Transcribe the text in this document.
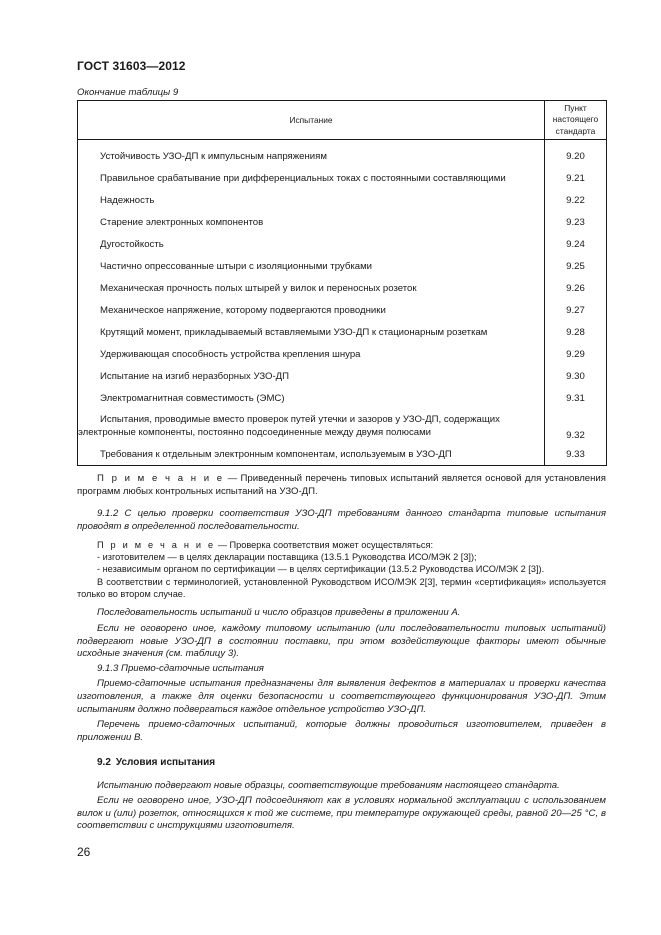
ГОСТ 31603—2012
Окончание таблицы 9
Испытание	Пункт
настоящего
стандарта

Устойчивость УЗО-ДП к импульсным напряжениям	9.20
Правильное срабатывание при дифференциальных токах с постоянными составляющими	9.21
Надежность	9.22
Старение электронных компонентов	9.23
Дугостойкость	9.24
Частично опрессованные штыри с изоляционными трубками	9.25
Механическая прочность полых штырей у вилок и переносных розеток	9.26
Механическое напряжение, которому подвергаются проводники	9.27
Крутящий момент, прикладываемый вставляемыми УЗО-ДП к стационарным розеткам	9.28
Удерживающая способность устройства крепления шнура	9.29
Испытание на изгиб неразборных УЗО-ДП	9.30
Электромагнитная совместимость (ЭМС)	9.31
Испытания, проводимые вместо проверок путей утечки и зазоров у УЗО-ДП, содержащих
электронные компоненты, постоянно подсоединенные между двумя полюсами	9.32
Требования к отдельным электронным компонентам, используемым в УЗО-ДП	9.33

П р и м е ч а н и е — Приведенный перечень типовых испытаний является основой для установления программ любых контрольных испытаний на УЗО-ДП.

9.1.2 С целью проверки соответствия УЗО-ДП требованиям данного стандарта типовые испытания проводят в определенной последовательности.

П р и м е ч а н и е — Проверка соответствия может осуществляться:

- изготовителем — в целях декларации поставщика (13.5.1 Руководства ИСО/МЭК 2 [3]);

- независимым органом по сертификации — в целях сертификации (13.5.2 Руководства ИСО/МЭК 2 [3]).

В соответствии с терминологией, установленной Руководством ИСО/МЭК 2[3], термин «сертификация» используется только во втором случае.

Последовательность испытаний и число образцов приведены в приложении А.

Если не оговорено иное, каждому типовому испытанию (или последовательности типовых испытаний) подвергают новые УЗО-ДП в состоянии поставки, при этом воздействующие факторы имеют обычные исходные значения (см. таблицу 3).

9.1.3 Приемо-сдаточные испытания

Приемо-сдаточные испытания предназначены для выявления дефектов в материалах и проверки качества изготовления, а также для оценки безопасности и соответствующего функционирования УЗО-ДП. Этим испытаниям должно подвергаться каждое отдельное устройство УЗО-ДП.

Перечень приемо-сдаточных испытаний, которые должны проводиться изготовителем, приведен в приложении В.

9.2 Условия испытания

Испытанию подвергают новые образцы, соответствующие требованиям настоящего стандарта.

Если не оговорено иное, УЗО-ДП подсоединяют как в условиях нормальной эксплуатации с использованием вилок и (или) розеток, относящихся к той же системе, при температуре окружающей среды, равной 20—25 °С, в соответствии с инструкциями изготовителя.

26
